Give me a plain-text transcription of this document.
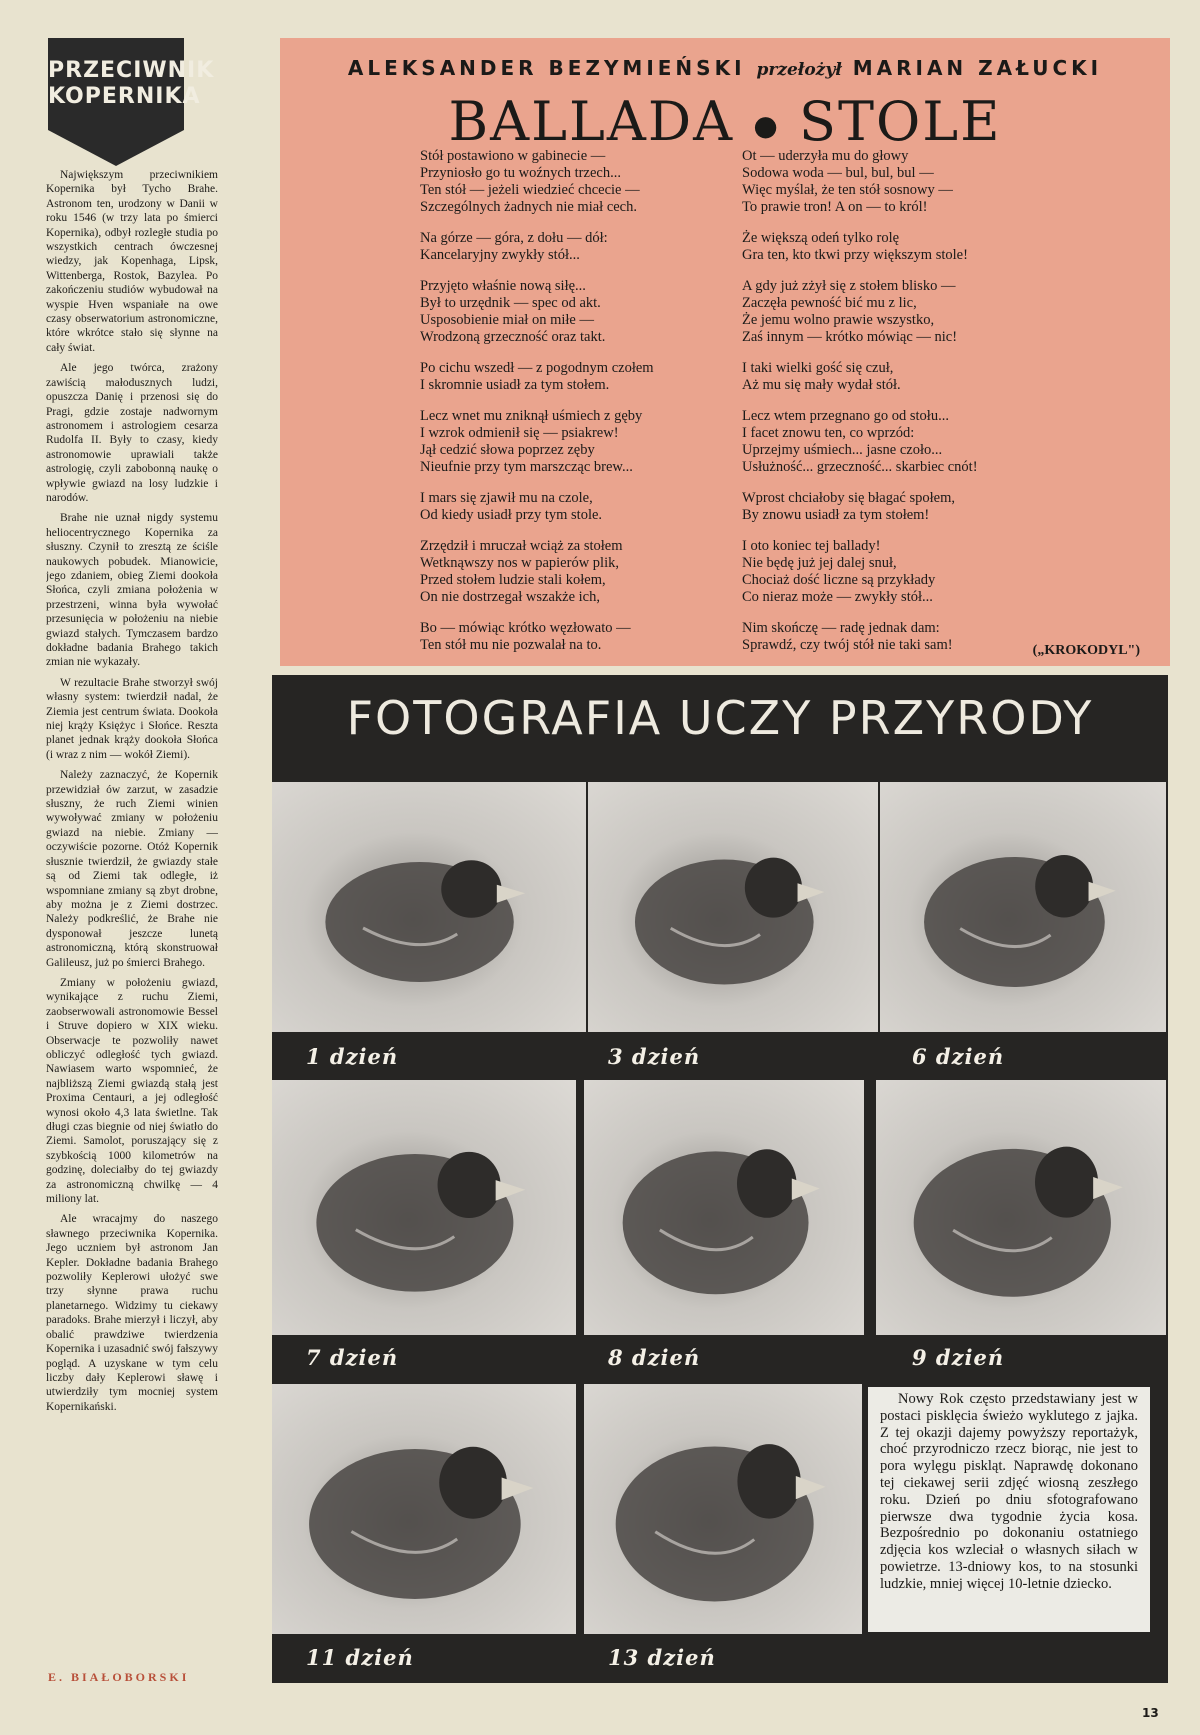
PRZECIWNIK
KOPERNIKA

Największym przeciwnikiem Kopernika był Tycho Brahe. Astronom ten, urodzony w Danii w roku 1546 (w trzy lata po śmierci Kopernika), odbył rozległe studia po wszystkich centrach ówczesnej wiedzy, jak Kopenhaga, Lipsk, Wittenberga, Rostok, Bazylea. Po zakończeniu studiów wybudował na wyspie Hven wspaniałe na owe czasy obserwatorium astronomiczne, które wkrótce stało się słynne na cały świat.

Ale jego twórca, zrażony zawiścią małodusznych ludzi, opuszcza Danię i przenosi się do Pragi, gdzie zostaje nadwornym astronomem i astrologiem cesarza Rudolfa II. Były to czasy, kiedy astronomowie uprawiali także astrologię, czyli zabobonną naukę o wpływie gwiazd na losy ludzkie i narodów.

Brahe nie uznał nigdy systemu heliocentrycznego Kopernika za słuszny. Czynił to zresztą ze ściśle naukowych pobudek. Mianowicie, jego zdaniem, obieg Ziemi dookoła Słońca, czyli zmiana położenia w przestrzeni, winna była wywołać przesunięcia w położeniu na niebie gwiazd stałych. Tymczasem bardzo dokładne badania Brahego takich zmian nie wykazały.

W rezultacie Brahe stworzył swój własny system: twierdził nadal, że Ziemia jest centrum świata. Dookoła niej krąży Księżyc i Słońce. Reszta planet jednak krąży dookoła Słońca (i wraz z nim — wokół Ziemi).

Należy zaznaczyć, że Kopernik przewidział ów zarzut, w zasadzie słuszny, że ruch Ziemi winien wywoływać zmiany w położeniu gwiazd na niebie. Zmiany — oczywiście pozorne. Otóż Kopernik słusznie twierdził, że gwiazdy stałe są od Ziemi tak odległe, iż wspomniane zmiany są zbyt drobne, aby można je z Ziemi dostrzec. Należy podkreślić, że Brahe nie dysponował jeszcze lunetą astronomiczną, którą skonstruował Galileusz, już po śmierci Brahego.

Zmiany w położeniu gwiazd, wynikające z ruchu Ziemi, zaobserwowali astronomowie Bessel i Struve dopiero w XIX wieku. Obserwacje te pozwoliły nawet obliczyć odległość tych gwiazd. Nawiasem warto wspomnieć, że najbliższą Ziemi gwiazdą stałą jest Proxima Centauri, a jej odległość wynosi około 4,3 lata świetlne. Tak długi czas biegnie od niej światło do Ziemi. Samolot, poruszający się z szybkością 1000 kilometrów na godzinę, doleciałby do tej gwiazdy za astronomiczną chwilkę — 4 miliony lat.

Ale wracajmy do naszego sławnego przeciwnika Kopernika. Jego uczniem był astronom Jan Kepler. Dokładne badania Brahego pozwoliły Keplerowi ułożyć swe trzy słynne prawa ruchu planetarnego. Widzimy tu ciekawy paradoks. Brahe mierzył i liczył, aby obalić prawdziwe twierdzenia Kopernika i uzasadnić swój fałszywy pogląd. A uzyskane w tym celu liczby dały Keplerowi sławę i utwierdziły tym mocniej system Kopernikański.

E. BIAŁOBORSKI
ALEKSANDER BEZYMIEŃSKI przełożył MARIAN ZAŁUCKI
BALLADA ● STOLE
Stół postawiono w gabinecie —
Przyniosło go tu woźnych trzech...
Ten stół — jeżeli wiedzieć chcecie —
Szczególnych żadnych nie miał cech.
Na górze — góra, z dołu — dół:
Kancelaryjny zwykły stół...
Przyjęto właśnie nową siłę...
Był to urzędnik — spec od akt.
Usposobienie miał on miłe —
Wrodzoną grzeczność oraz takt.
Po cichu wszedł — z pogodnym czołem
I skromnie usiadł za tym stołem.
Lecz wnet mu zniknął uśmiech z gęby
I wzrok odmienił się — psiakrew!
Jął cedzić słowa poprzez zęby
Nieufnie przy tym marszcząc brew...
I mars się zjawił mu na czole,
Od kiedy usiadł przy tym stole.
Zrzędził i mruczał wciąż za stołem
Wetknąwszy nos w papierów plik,
Przed stołem ludzie stali kołem,
On nie dostrzegał wszakże ich,
Bo — mówiąc krótko węzłowato —
Ten stół mu nie pozwalał na to.
Ot — uderzyła mu do głowy
Sodowa woda — bul, bul, bul —
Więc myślał, że ten stół sosnowy —
To prawie tron! A on — to król!
Że większą odeń tylko rolę
Gra ten, kto tkwi przy większym stole!
A gdy już zżył się z stołem blisko —
Zaczęła pewność bić mu z lic,
Że jemu wolno prawie wszystko,
Zaś innym — krótko mówiąc — nic!
I taki wielki gość się czuł,
Aż mu się mały wydał stół.
Lecz wtem przegnano go od stołu...
I facet znowu ten, co wprzód:
Uprzejmy uśmiech... jasne czoło...
Usłużność... grzeczność... skarbiec cnót!
Wprost chciałoby się błagać społem,
By znowu usiadł za tym stołem!
I oto koniec tej ballady!
Nie będę już jej dalej snuł,
Chociaż dość liczne są przykłady
Co nieraz może — zwykły stół...
Nim skończę — radę jednak dam:
Sprawdź, czy twój stół nie taki sam!	(„KROKODYL")
FOTOGRAFIA UCZY PRZYRODY
1 dzień	3 dzień	6 dzień
7 dzień	8 dzień	9 dzień
11 dzień	13 dzień
Nowy Rok często przedstawiany jest w postaci pisklęcia świeżo wyklutego z jajka. Z tej okazji dajemy powyższy reportażyk, choć przyrodniczo rzecz biorąc, nie jest to pora wylęgu piskląt. Naprawdę dokonano tej ciekawej serii zdjęć wiosną zeszłego roku. Dzień po dniu sfotografowano pierwsze dwa tygodnie życia kosa. Bezpośrednio po dokonaniu ostatniego zdjęcia kos wzleciał o własnych siłach w powietrze. 13-dniowy kos, to na stosunki ludzkie, mniej więcej 10-letnie dziecko.
13
